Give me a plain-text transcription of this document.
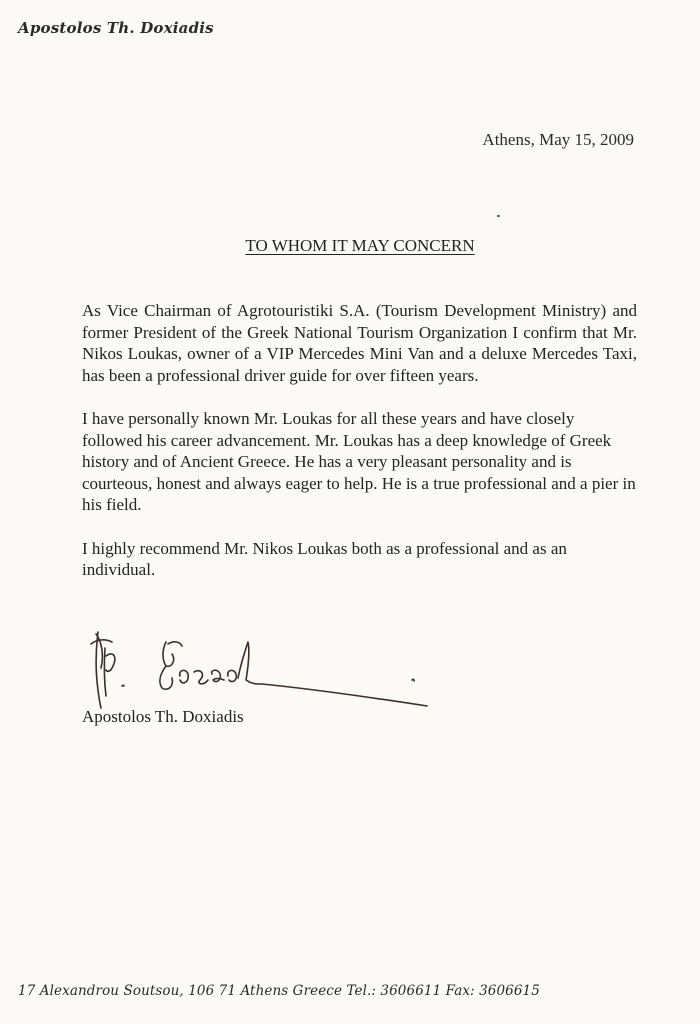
Apostolos Th. Doxiadis
Athens, May 15, 2009
TO WHOM IT MAY CONCERN

As Vice Chairman of Agrotouristiki S.A. (Tourism Development Ministry) and former President of the Greek National Tourism Organization I confirm that Mr. Nikos Loukas, owner of a VIP Mercedes Mini Van and a deluxe Mercedes Taxi, has been a professional driver guide for over fifteen years.

I have personally known Mr. Loukas for all these years and have closely followed his career advancement. Mr. Loukas has a deep knowledge of Greek history and of Ancient Greece. He has a very pleasant personality and is courteous, honest and always eager to help. He is a true professional and a pier in his field.

I highly recommend Mr. Nikos Loukas both as a professional and as an individual.

Apostolos Th. Doxiadis
17 Alexandrou Soutsou, 106 71 Athens Greece Tel.: 3606611 Fax: 3606615
